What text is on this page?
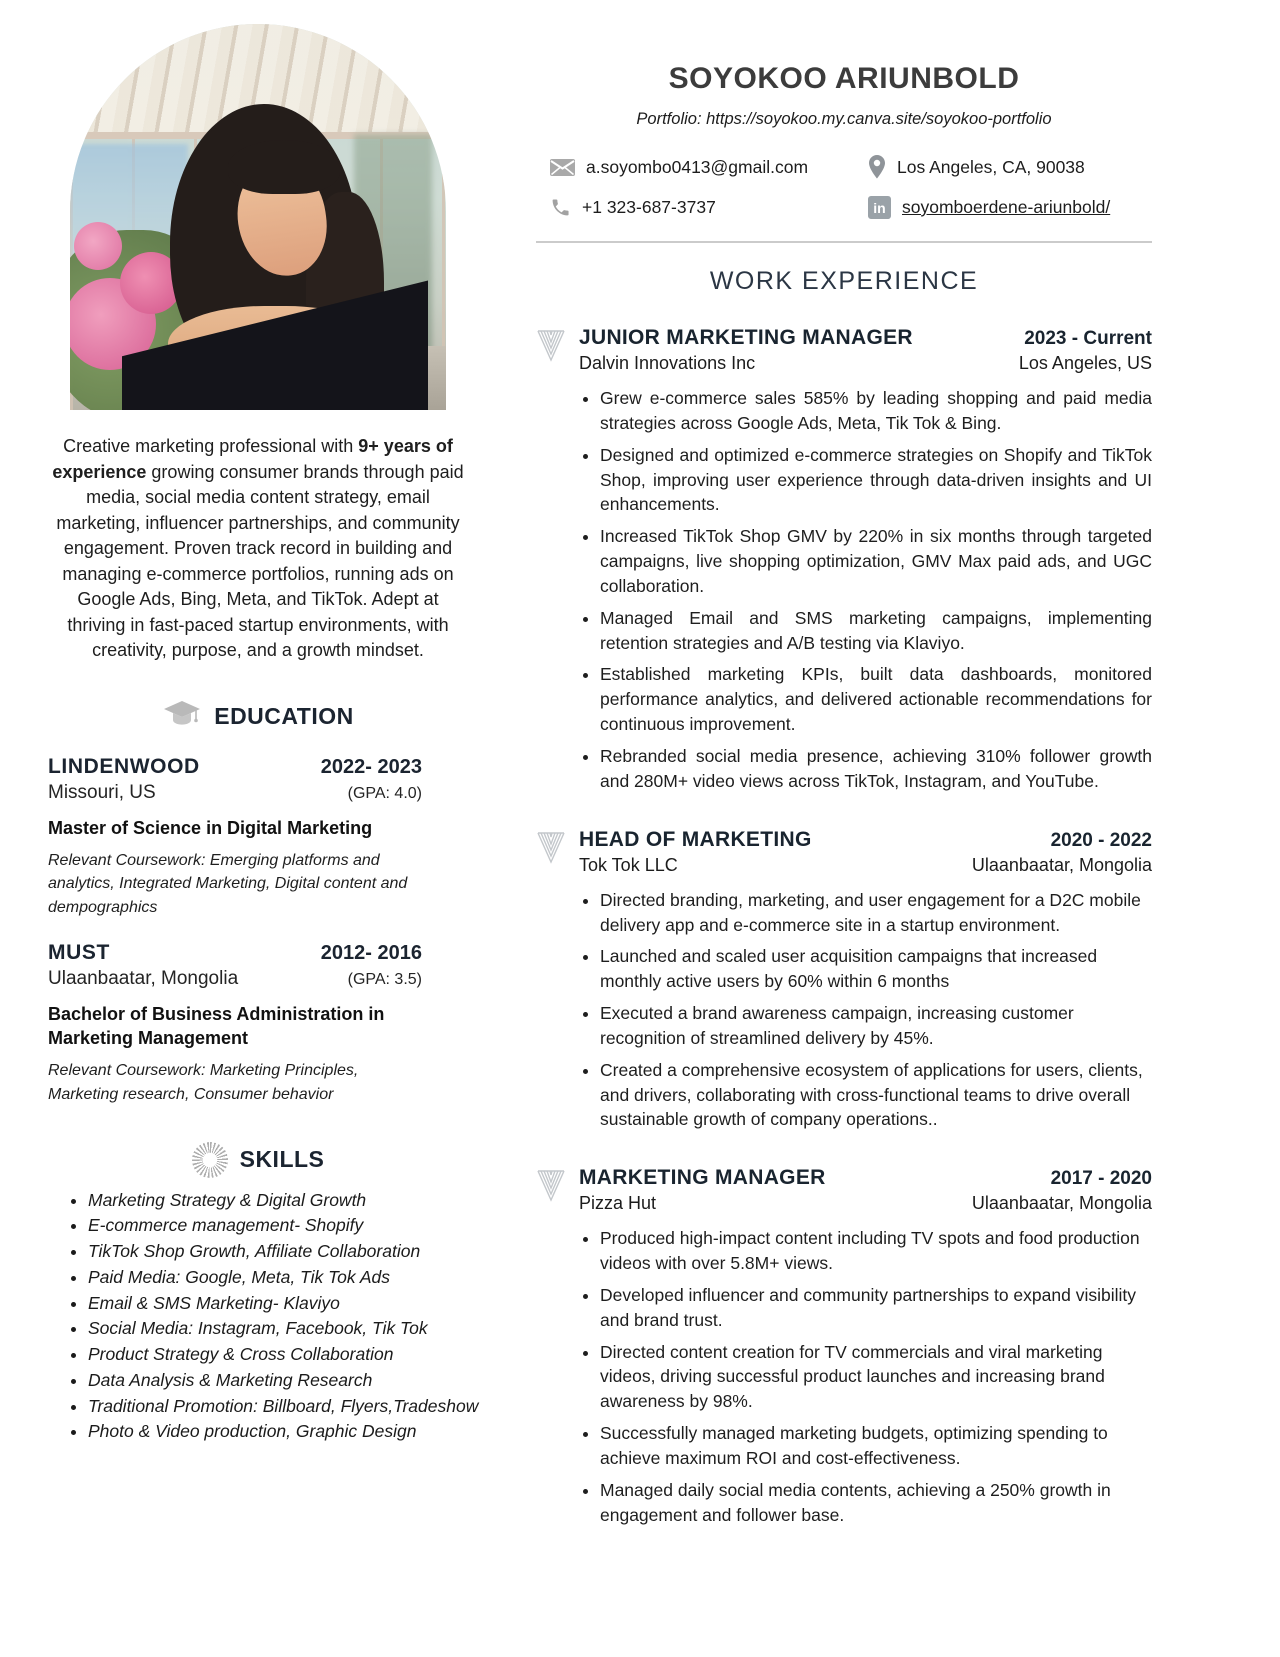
Creative marketing professional with 9+ years of experience growing consumer brands through paid media, social media content strategy, email marketing, influencer partnerships, and community engagement. Proven track record in building and managing e-commerce portfolios, running ads on Google Ads, Bing, Meta, and TikTok. Adept at thriving in fast-paced startup environments, with creativity, purpose, and a growth mindset.

EDUCATION
LINDENWOOD	2022- 2023
Missouri, US	(GPA: 4.0)
Master of Science in Digital Marketing
Relevant Coursework: Emerging platforms and analytics, Integrated Marketing, Digital content and dempographics
MUST	2012- 2016
Ulaanbaatar, Mongolia	(GPA: 3.5)
Bachelor of Business Administration in Marketing Management
Relevant Coursework: Marketing Principles, Marketing research, Consumer behavior
SKILLS
• Marketing Strategy & Digital Growth
• E-commerce management- Shopify
• TikTok Shop Growth, Affiliate Collaboration
• Paid Media: Google, Meta, Tik Tok Ads
• Email & SMS Marketing- Klaviyo
• Social Media: Instagram, Facebook, Tik Tok
• Product Strategy & Cross Collaboration
• Data Analysis & Marketing Research
• Traditional Promotion: Billboard, Flyers,Tradeshow
• Photo & Video production, Graphic Design
SOYOKOO ARIUNBOLD
Portfolio: https://soyokoo.my.canva.site/soyokoo-portfolio
a.soyombo0413@gmail.com	Los Angeles, CA, 90038
+1 323-687-3737	in soyomboerdene-ariunbold/
WORK EXPERIENCE
JUNIOR MARKETING MANAGER	2023 - Current
Dalvin Innovations Inc	Los Angeles, US
• Grew e-commerce sales 585% by leading shopping and paid media strategies across Google Ads, Meta, Tik Tok & Bing.
• Designed and optimized e-commerce strategies on Shopify and TikTok Shop, improving user experience through data-driven insights and UI enhancements.
• Increased TikTok Shop GMV by 220% in six months through targeted campaigns, live shopping optimization, GMV Max paid ads, and UGC collaboration.
• Managed Email and SMS marketing campaigns, implementing retention strategies and A/B testing via Klaviyo.
• Established marketing KPIs, built data dashboards, monitored performance analytics, and delivered actionable recommendations for continuous improvement.
• Rebranded social media presence, achieving 310% follower growth and 280M+ video views across TikTok, Instagram, and YouTube.
HEAD OF MARKETING	2020 - 2022
Tok Tok LLC	Ulaanbaatar, Mongolia
• Directed branding, marketing, and user engagement for a D2C mobile delivery app and e-commerce site in a startup environment.
• Launched and scaled user acquisition campaigns that increased monthly active users by 60% within 6 months
• Executed a brand awareness campaign, increasing customer recognition of streamlined delivery by 45%.
• Created a comprehensive ecosystem of applications for users, clients, and drivers, collaborating with cross-functional teams to drive overall sustainable growth of company operations..
MARKETING MANAGER	2017 - 2020
Pizza Hut	Ulaanbaatar, Mongolia
• Produced high-impact content including TV spots and food production videos with over 5.8M+ views.
• Developed influencer and community partnerships to expand visibility and brand trust.
• Directed content creation for TV commercials and viral marketing videos, driving successful product launches and increasing brand awareness by 98%.
• Successfully managed marketing budgets, optimizing spending to achieve maximum ROI and cost-effectiveness.
• Managed daily social media contents, achieving a 250% growth in engagement and follower base.
